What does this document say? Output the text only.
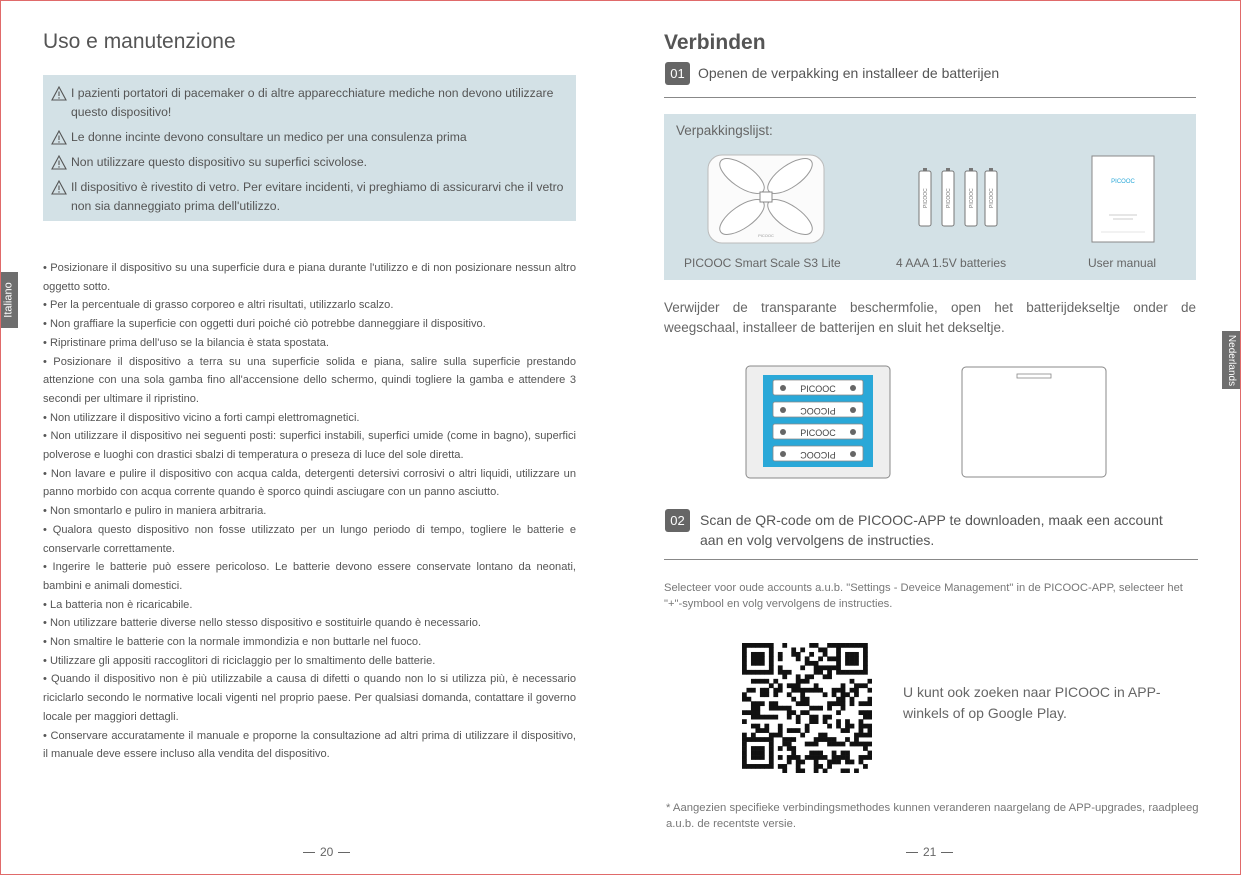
Uso e manutenzione
I pazienti portatori di pacemaker o di altre apparecchiature mediche non devono utilizzare questo dispositivo!
Le donne incinte devono consultare un medico per una consulenza prima
Non utilizzare questo dispositivo su superfici scivolose.
Il dispositivo è rivestito di vetro. Per evitare incidenti, vi preghiamo di assicurarvi che il vetro non sia danneggiato prima dell'utilizzo.
Italiano

• Posizionare il dispositivo su una superficie dura e piana durante l'utilizzo e di non posizionare nessun altro oggetto sotto.

• Per la percentuale di grasso corporeo e altri risultati, utilizzarlo scalzo.

• Non graffiare la superficie con oggetti duri poiché ciò potrebbe danneggiare il dispositivo.

• Ripristinare prima dell'uso se la bilancia è stata spostata.

• Posizionare il dispositivo a terra su una superficie solida e piana, salire sulla superficie prestando attenzione con una sola gamba fino all'accensione dello schermo, quindi togliere la gamba e attendere 3 secondi per ultimare il ripristino.

• Non utilizzare il dispositivo vicino a forti campi elettromagnetici.

• Non utilizzare il dispositivo nei seguenti posti: superfici instabili, superfici umide (come in bagno), superfici polverose e luoghi con drastici sbalzi di temperatura o preseza di luce del sole diretta.

• Non lavare e pulire il dispositivo con acqua calda, detergenti detersivi corrosivi o altri liquidi, utilizzare un panno morbido con acqua corrente quando è sporco quindi asciugare con un panno asciutto.

• Non smontarlo e puliro in maniera arbitraria.

• Qualora questo dispositivo non fosse utilizzato per un lungo periodo di tempo, togliere le batterie e conservarle correttamente.

• Ingerire le batterie può essere pericoloso. Le batterie devono essere conservate lontano da neonati, bambini e animali domestici.

• La batteria non è ricaricabile.

• Non utilizzare batterie diverse nello stesso dispositivo e sostituirle quando è necessario.

• Non smaltire le batterie con la normale immondizia e non buttarle nel fuoco.

• Utilizzare gli appositi raccoglitori di riciclaggio per lo smaltimento delle batterie.

• Quando il dispositivo non è più utilizzabile a causa di difetti o quando non lo si utilizza più, è necessario riciclarlo secondo le normative locali vigenti nel proprio paese. Per qualsiasi domanda, contattare il governo locale per maggiori dettagli.

• Conservare accuratamente il manuale e proporne la consultazione ad altri prima di utilizzare il dispositivo, il manuale deve essere incluso alla vendita del dispositivo.

20
Verbinden
01 Openen de verpakking en installeer de batterijen
Verpakkingslijst:
PICOOC
PICOOC	PICOOC	PICOOC	PICOOC
PICOOC
PICOOC Smart Scale S3 Lite	4 AAA 1.5V batteries	User manual

Verwijder de transparante beschermfolie, open het batterijdekseltje onder de weegschaal, installeer de batterijen en sluit het dekseltje.

Nederlands
PICOOC
PICOOC
PICOOC
PICOOC
02	Scan de QR-code om de PICOOC-APP te downloaden, maak een account aan en volg vervolgens de instructies.

Selecteer voor oude accounts a.u.b. "Settings - Deveice Management" in de PICOOC-APP, selecteer het "+"-symbool en volg vervolgens de instructies.

U kunt ook zoeken naar PICOOC in APP-winkels of op Google Play.

* Aangezien specifieke verbindingsmethodes kunnen veranderen naargelang de APP-upgrades, raadpleeg a.u.b. de recentste versie.

21
